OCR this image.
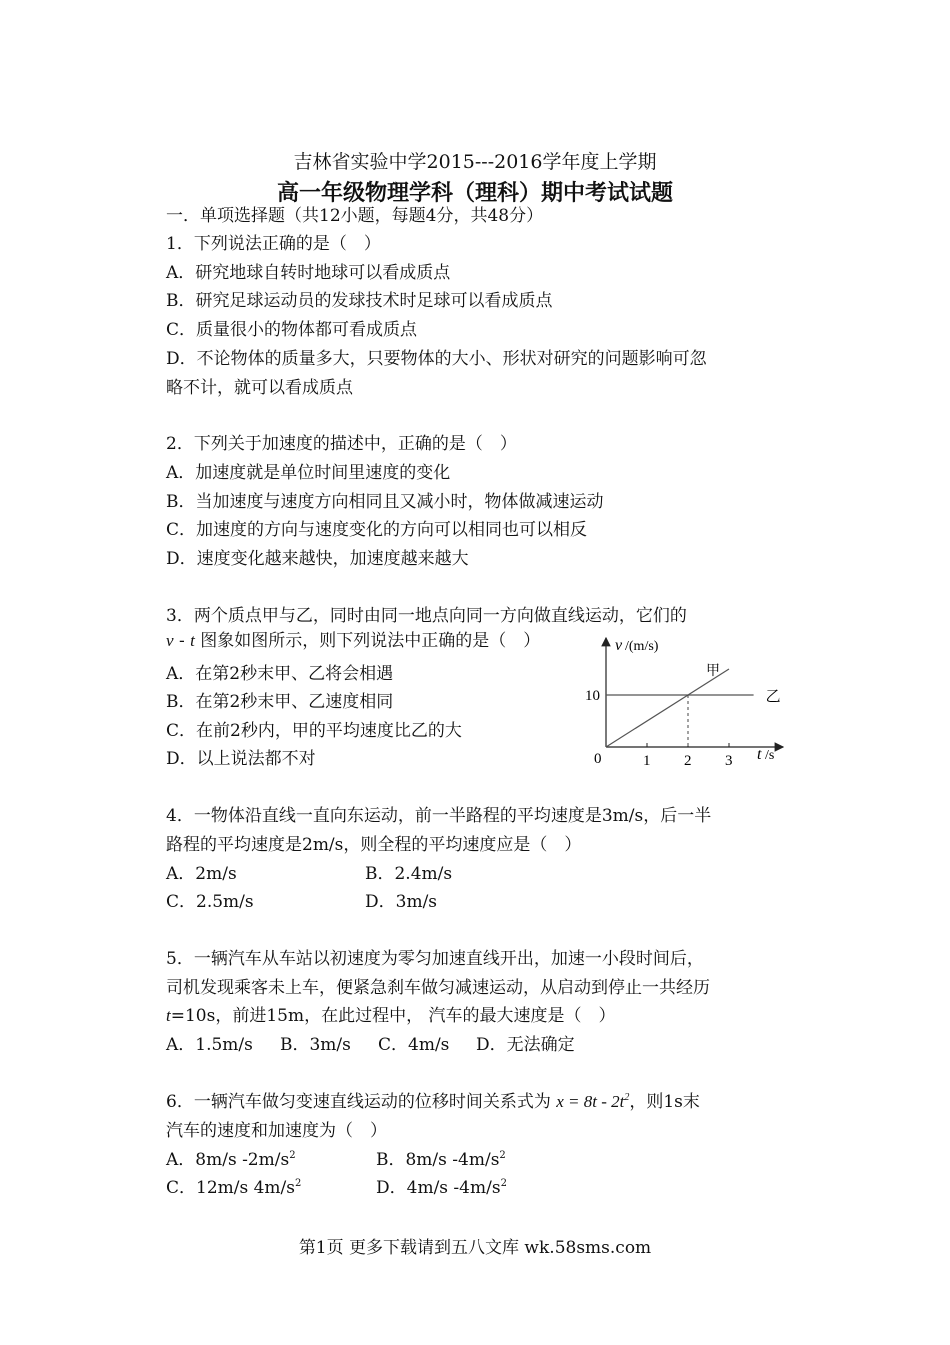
吉林省实验中学2015---2016学年度上学期
高一年级物理学科（理科）期中考试试题
一．单项选择题（共12小题，每题4分，共48分）
1．下列说法正确的是（　）
A．研究地球自转时地球可以看成质点
B．研究足球运动员的发球技术时足球可以看成质点
C．质量很小的物体都可看成质点
D．不论物体的质量多大，只要物体的大小、形状对研究的问题影响可忽
略不计，就可以看成质点
2．下列关于加速度的描述中，正确的是（　）
A．加速度就是单位时间里速度的变化
B．当加速度与速度方向相同且又减小时，物体做减速运动
C．加速度的方向与速度变化的方向可以相同也可以相反
D．速度变化越来越快，加速度越来越大
3．两个质点甲与乙，同时由同一地点向同一方向做直线运动，它们的
v - t 图象如图所示，则下列说法中正确的是（　）
A．在第2秒末甲、乙将会相遇
B．在第2秒末甲、乙速度相同
C．在前2秒内，甲的平均速度比乙的大
D．以上说法都不对
v /(m/s)
t /s
0	1 2 3
10
甲
乙
4．一物体沿直线一直向东运动，前一半路程的平均速度是3m/s，后一半
路程的平均速度是2m/s，则全程的平均速度应是（　）
A．2m/s	B．2.4m/s
C．2.5m/s	D．3m/s
5．一辆汽车从车站以初速度为零匀加速直线开出，加速一小段时间后，
司机发现乘客未上车，便紧急刹车做匀减速运动，从启动到停止一共经历
t=10s，前进15m，在此过程中， 汽车的最大速度是（　）
A．1.5m/s B．3m/s C．4m/s D．无法确定
6．一辆汽车做匀变速直线运动的位移时间关系式为 $x = 8t - 2t^2$，则1s末
汽车的速度和加速度为（　）
A．8m/s $-2m/s^2$	B．8m/s $-4m/s^2$
C．12m/s $4m/s^2$	D．4m/s $-4m/s^2$
第1页 更多下载请到五八文库 wk.58sms.com
